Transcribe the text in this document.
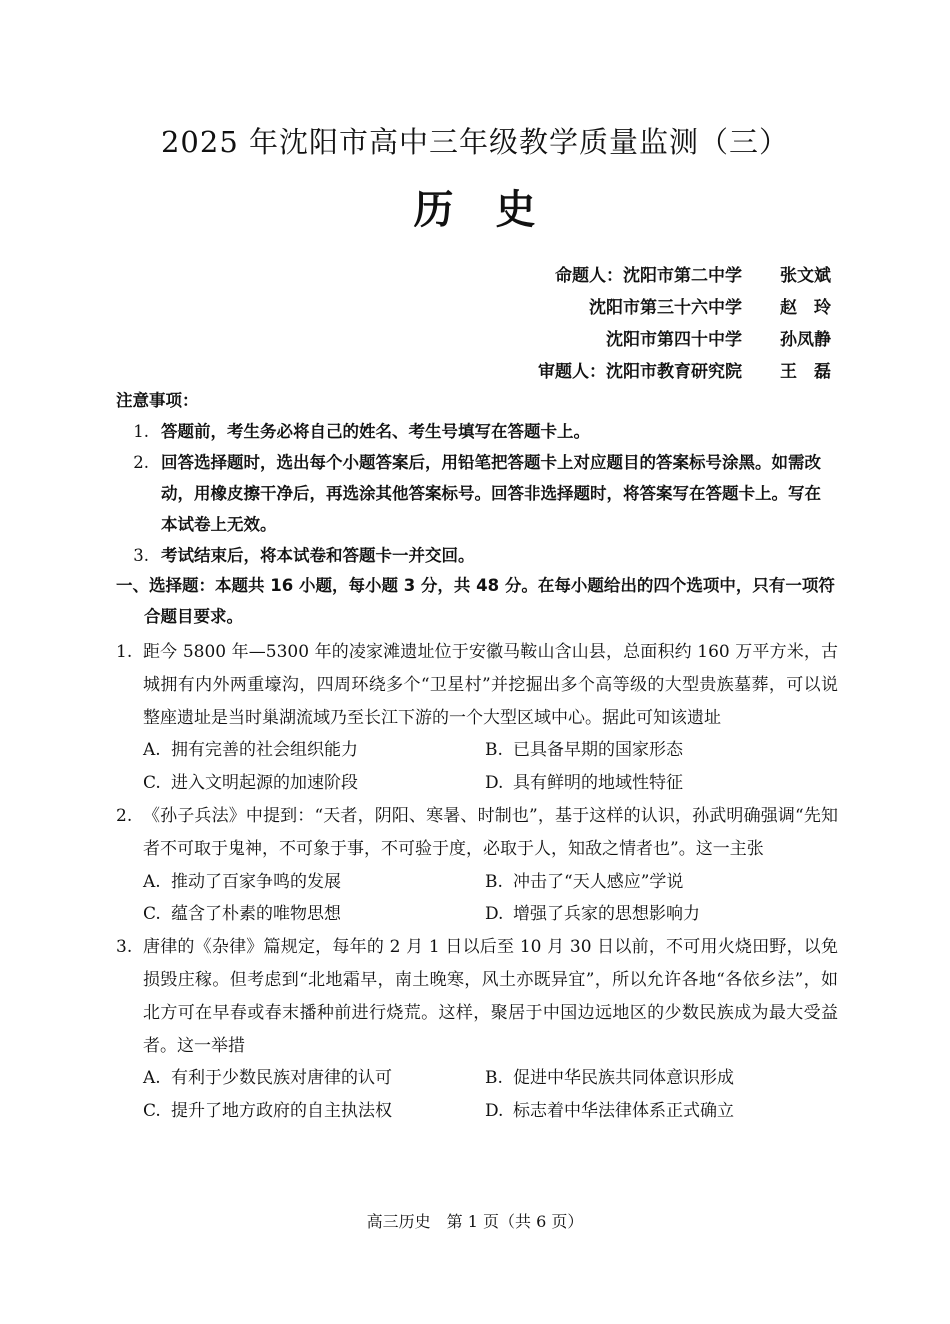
2025 年沈阳市高中三年级教学质量监测（三）
历　史
命题人：沈阳市第二中学	张文斌
沈阳市第三十六中学	赵　玲
沈阳市第四十中学	孙凤静
审题人：沈阳市教育研究院	王　磊
注意事项：
1. 答题前，考生务必将自己的姓名、考生号填写在答题卡上。
2. 回答选择题时，选出每个小题答案后，用铅笔把答题卡上对应题目的答案标号涂黑。如需改动，用橡皮擦干净后，再选涂其他答案标号。回答非选择题时，将答案写在答题卡上。写在本试卷上无效。
3. 考试结束后，将本试卷和答题卡一并交回。
一、选择题：本题共 16 小题，每小题 3 分，共 48 分。在每小题给出的四个选项中，只有一项符合题目要求。
1. 距今 5800 年—5300 年的凌家滩遗址位于安徽马鞍山含山县，总面积约 160 万平方米，古城拥有内外两重壕沟，四周环绕多个“卫星村”并挖掘出多个高等级的大型贵族墓葬，可以说整座遗址是当时巢湖流域乃至长江下游的一个大型区域中心。据此可知该遗址
A. 拥有完善的社会组织能力	B. 已具备早期的国家形态
C. 进入文明起源的加速阶段	D. 具有鲜明的地域性特征
2. 《孙子兵法》中提到：“天者，阴阳、寒暑、时制也”，基于这样的认识，孙武明确强调“先知者不可取于鬼神，不可象于事，不可验于度，必取于人，知敌之情者也”。这一主张
A. 推动了百家争鸣的发展	B. 冲击了“天人感应”学说
C. 蕴含了朴素的唯物思想	D. 增强了兵家的思想影响力
3. 唐律的《杂律》篇规定，每年的 2 月 1 日以后至 10 月 30 日以前，不可用火烧田野，以免损毁庄稼。但考虑到“北地霜早，南土晚寒，风土亦既异宜”，所以允许各地“各依乡法”，如北方可在早春或春末播种前进行烧荒。这样，聚居于中国边远地区的少数民族成为最大受益者。这一举措
A. 有利于少数民族对唐律的认可	B. 促进中华民族共同体意识形成
C. 提升了地方政府的自主执法权	D. 标志着中华法律体系正式确立
高三历史　第 1 页（共 6 页）
